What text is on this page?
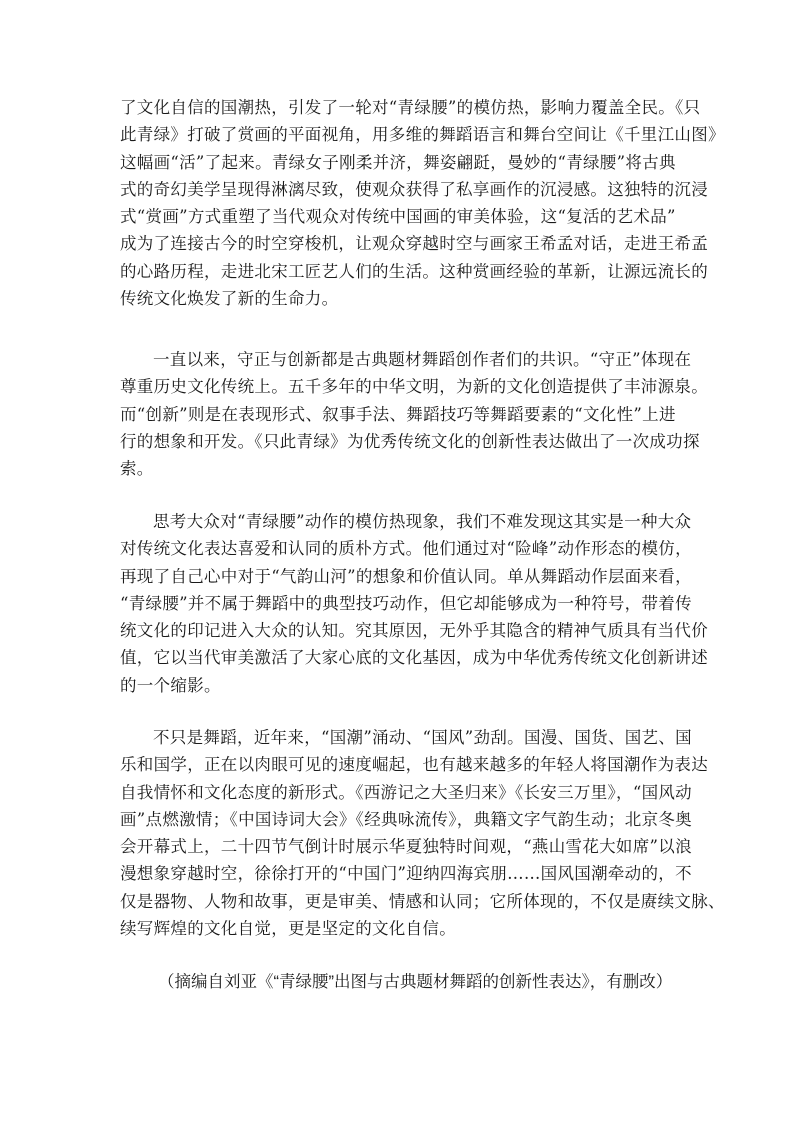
了文化自信的国潮热，引发了一轮对“青绿腰”的模仿热，影响力覆盖全民。《只
此青绿》打破了赏画的平面视角，用多维的舞蹈语言和舞台空间让《千里江山图》
这幅画“活”了起来。青绿女子刚柔并济，舞姿翩跹，曼妙的“青绿腰”将古典
式的奇幻美学呈现得淋漓尽致，使观众获得了私享画作的沉浸感。这独特的沉浸
式“赏画”方式重塑了当代观众对传统中国画的审美体验，这“复活的艺术品”
成为了连接古今的时空穿梭机，让观众穿越时空与画家王希孟对话，走进王希孟
的心路历程，走进北宋工匠艺人们的生活。这种赏画经验的革新，让源远流长的
传统文化焕发了新的生命力。
一直以来，守正与创新都是古典题材舞蹈创作者们的共识。“守正”体现在
尊重历史文化传统上。五千多年的中华文明，为新的文化创造提供了丰沛源泉。
而“创新”则是在表现形式、叙事手法、舞蹈技巧等舞蹈要素的“文化性”上进
行的想象和开发。《只此青绿》为优秀传统文化的创新性表达做出了一次成功探
索。
思考大众对“青绿腰”动作的模仿热现象，我们不难发现这其实是一种大众
对传统文化表达喜爱和认同的质朴方式。他们通过对“险峰”动作形态的模仿，
再现了自己心中对于“气韵山河”的想象和价值认同。单从舞蹈动作层面来看，
“青绿腰”并不属于舞蹈中的典型技巧动作，但它却能够成为一种符号，带着传
统文化的印记进入大众的认知。究其原因，无外乎其隐含的精神气质具有当代价
值，它以当代审美激活了大家心底的文化基因，成为中华优秀传统文化创新讲述
的一个缩影。
不只是舞蹈，近年来，“国潮”涌动、“国风”劲刮。国漫、国货、国艺、国
乐和国学，正在以肉眼可见的速度崛起，也有越来越多的年轻人将国潮作为表达
自我情怀和文化态度的新形式。《西游记之大圣归来》《长安三万里》，“国风动
画”点燃激情；《中国诗词大会》《经典咏流传》，典籍文字气韵生动；北京冬奥
会开幕式上，二十四节气倒计时展示华夏独特时间观，“燕山雪花大如席”以浪
漫想象穿越时空，徐徐打开的“中国门”迎纳四海宾朋……国风国潮牵动的，不
仅是器物、人物和故事，更是审美、情感和认同；它所体现的，不仅是赓续文脉、
续写辉煌的文化自觉，更是坚定的文化自信。
（摘编自刘亚《“青绿腰”出图与古典题材舞蹈的创新性表达》，有删改）
